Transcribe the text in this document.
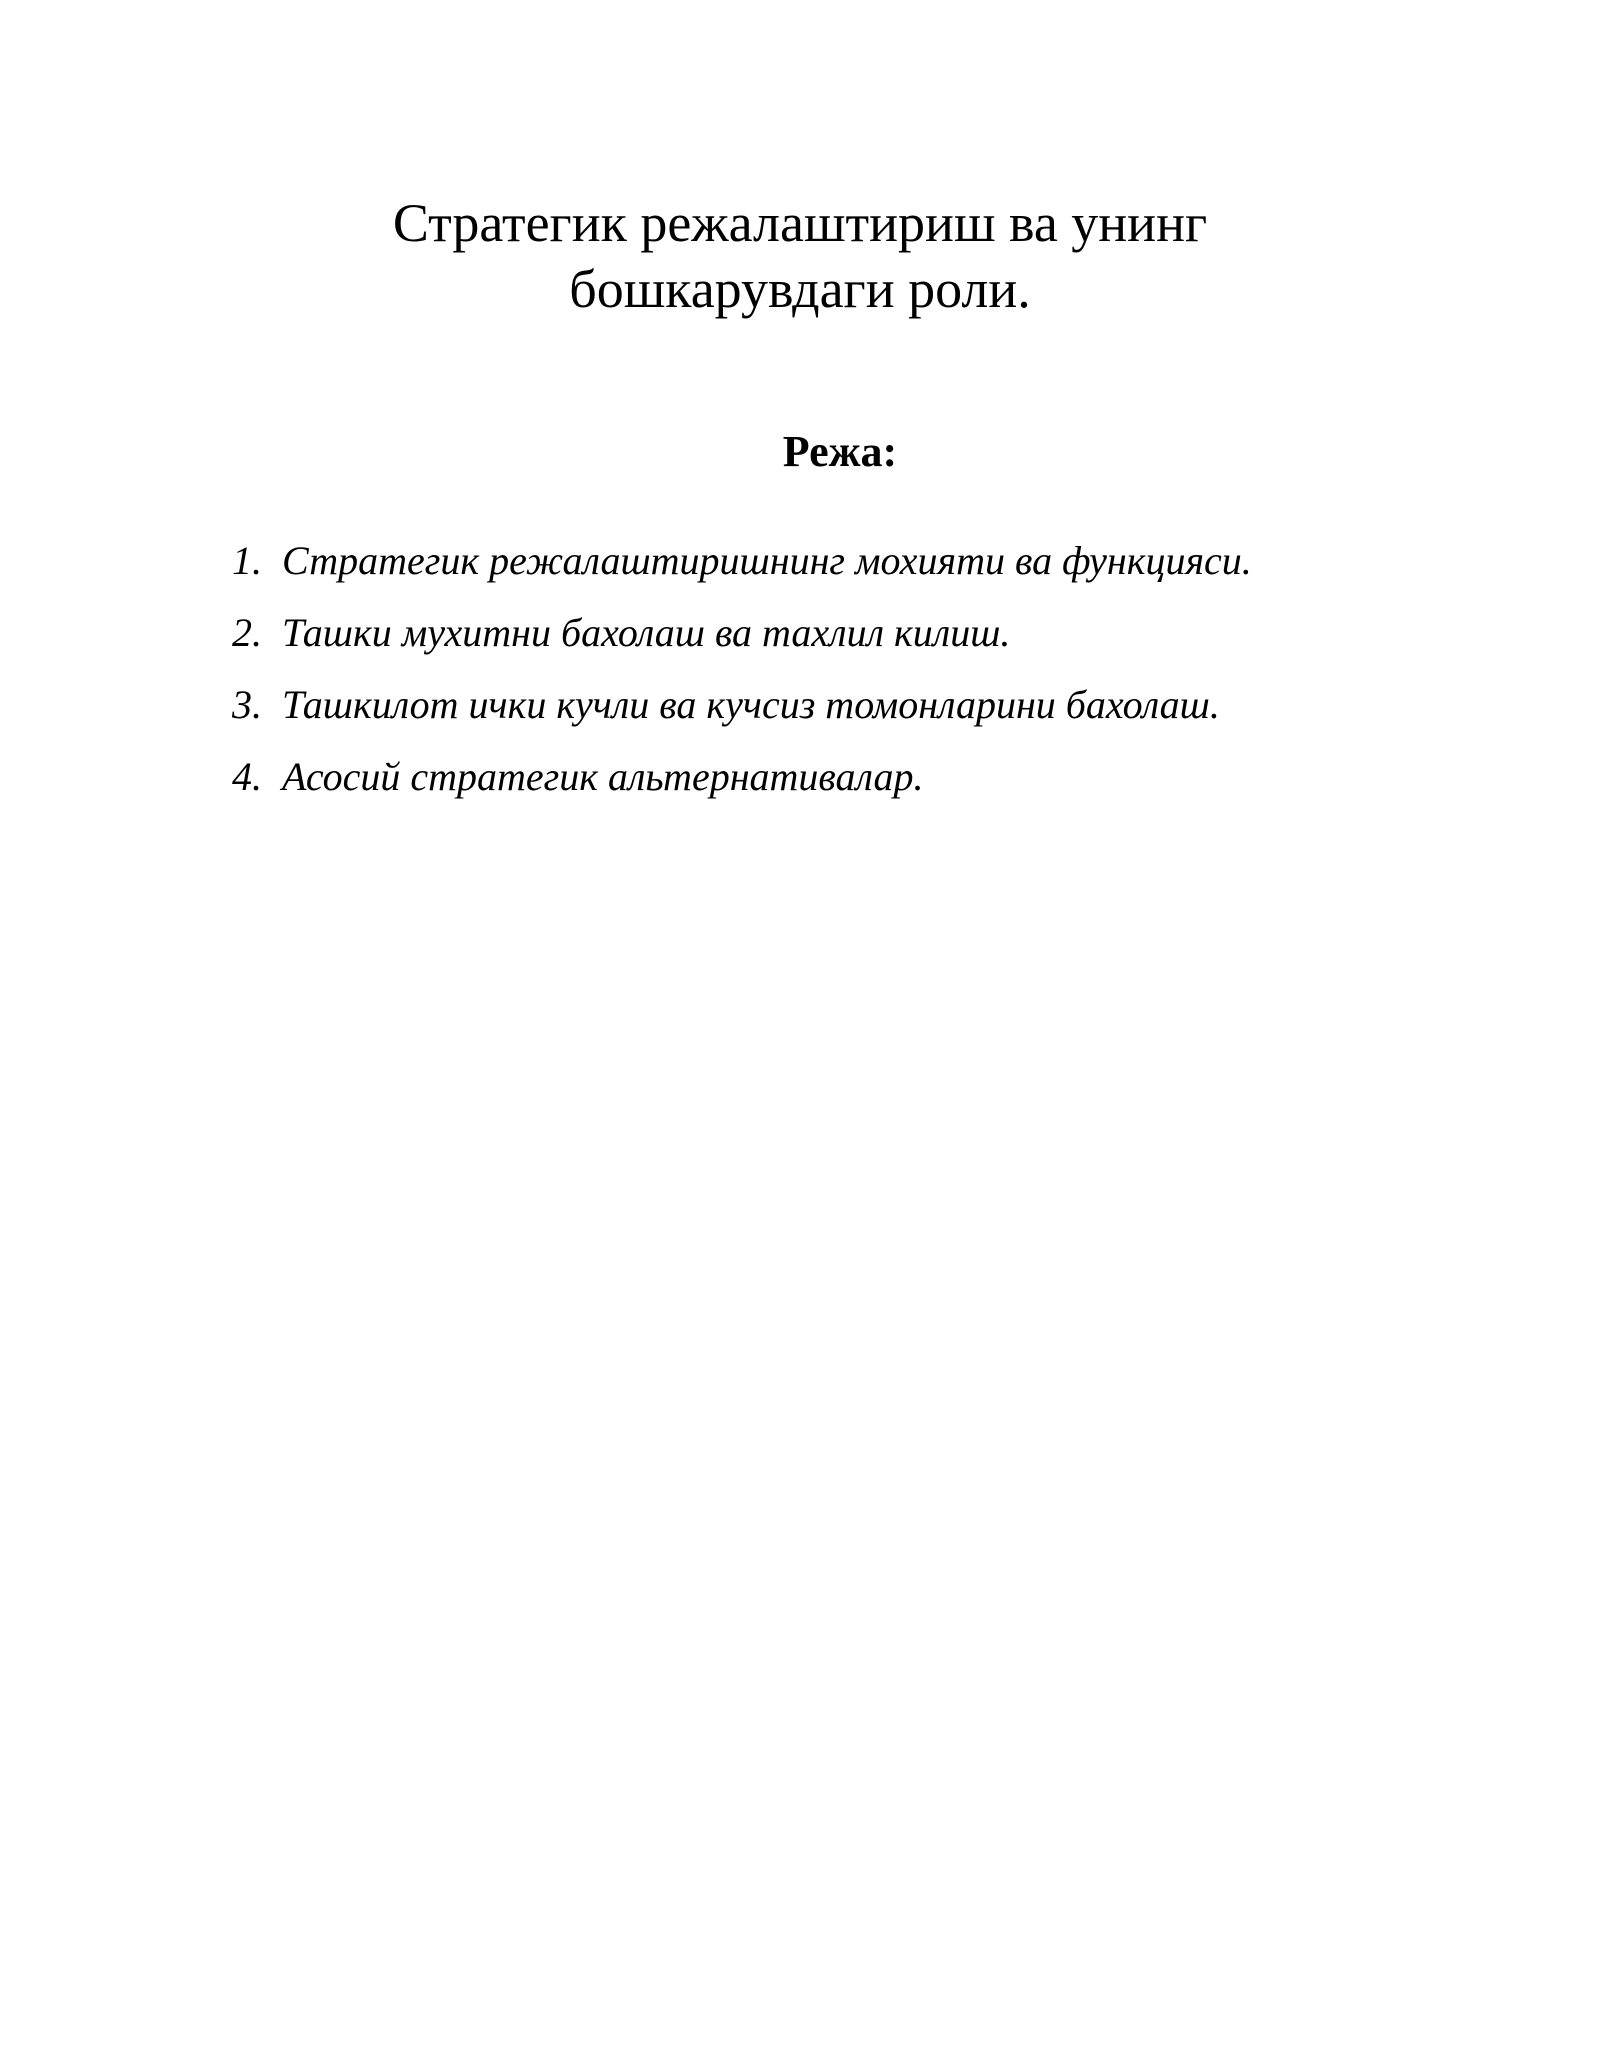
Стратегик режалаштириш ва унинг
бошкарувдаги роли.
Режа:
1. Стратегик режалаштиришнинг мохияти ва функцияси.
2. Ташки мухитни бахолаш ва тахлил килиш.
3. Ташкилот ички кучли ва кучсиз томонларини бахолаш.
4. Асосий стратегик альтернативалар.
